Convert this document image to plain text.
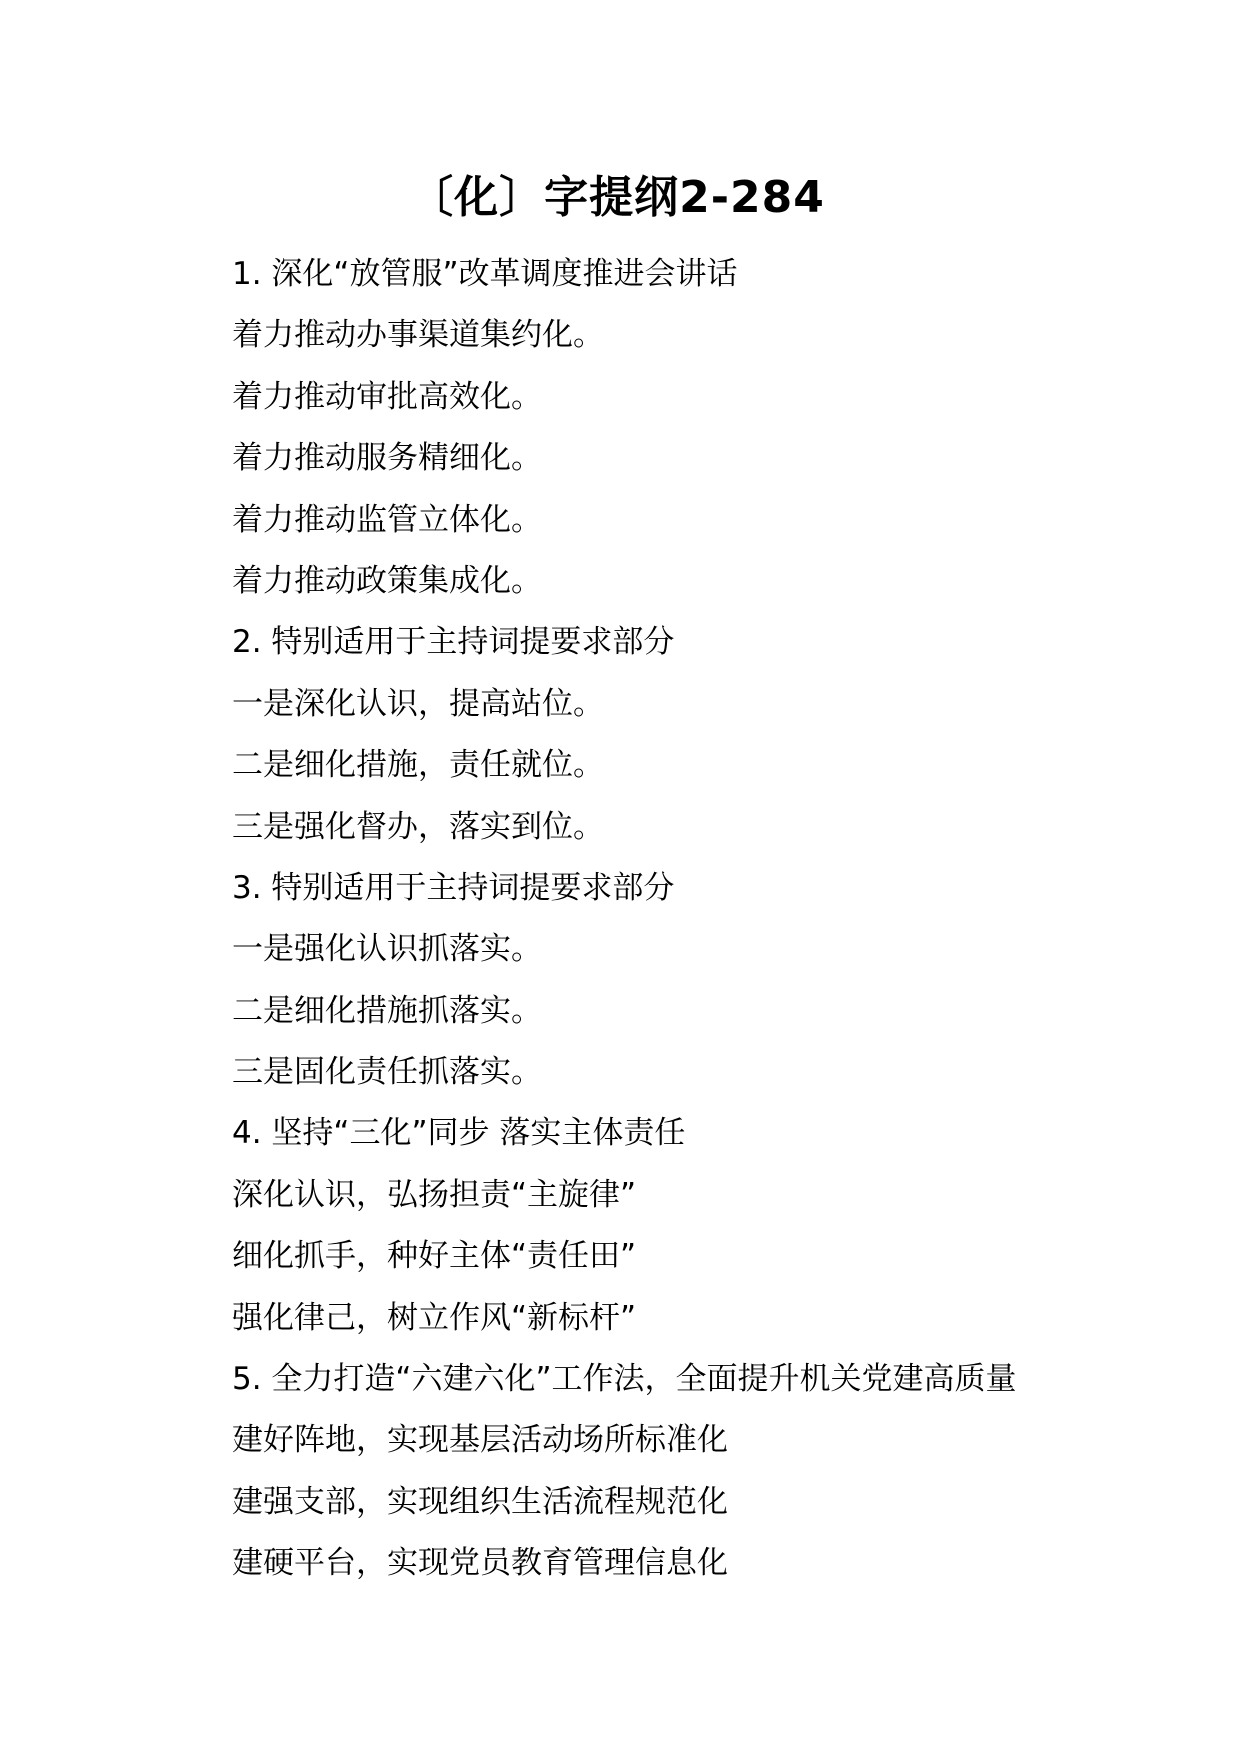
〔化〕字提纲2-284
1. 深化“放管服”改革调度推进会讲话
着力推动办事渠道集约化。
着力推动审批高效化。
着力推动服务精细化。
着力推动监管立体化。
着力推动政策集成化。
2. 特别适用于主持词提要求部分
一是深化认识，提高站位。
二是细化措施，责任就位。
三是强化督办，落实到位。
3. 特别适用于主持词提要求部分
一是强化认识抓落实。
二是细化措施抓落实。
三是固化责任抓落实。
4. 坚持“三化”同步 落实主体责任
深化认识，弘扬担责“主旋律”
细化抓手，种好主体“责任田”
强化律己，树立作风“新标杆”
5. 全力打造“六建六化”工作法，全面提升机关党建高质量
建好阵地，实现基层活动场所标准化
建强支部，实现组织生活流程规范化
建硬平台，实现党员教育管理信息化
